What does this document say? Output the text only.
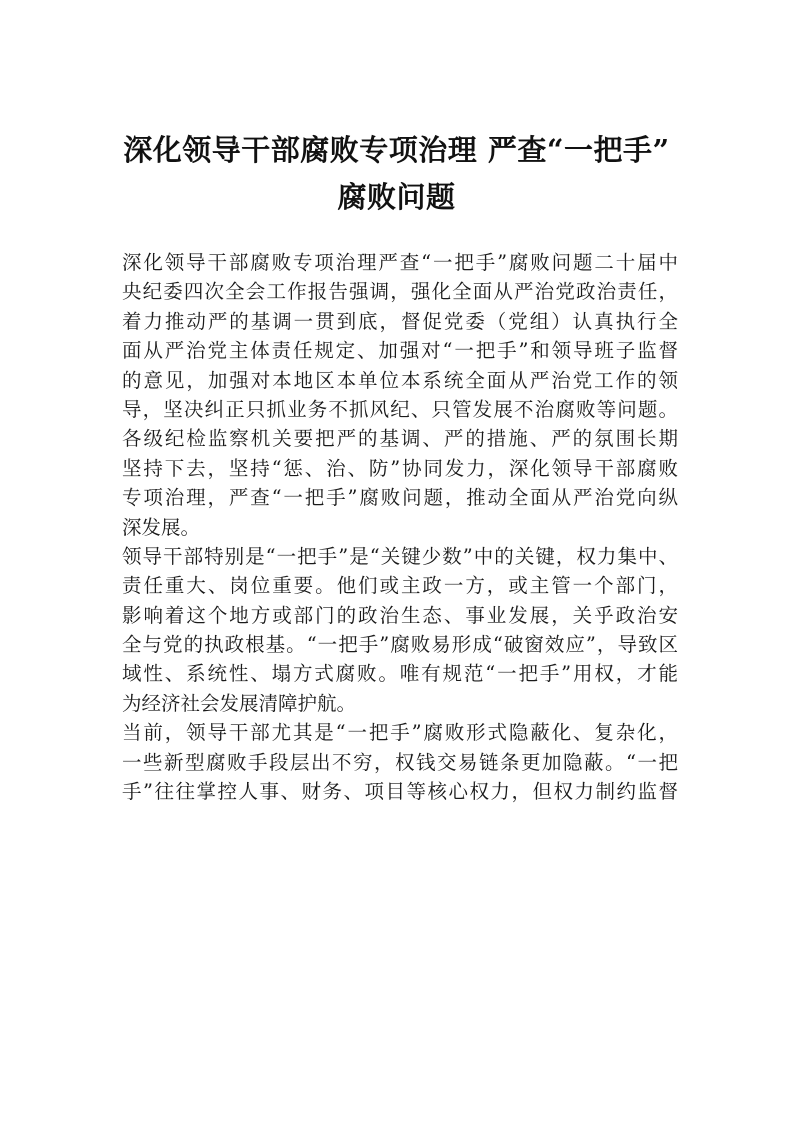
深化领导干部腐败专项治理 严查“一把手”
腐败问题
深化领导干部腐败专项治理严查“一把手”腐败问题二十届中
央纪委四次全会工作报告强调，强化全面从严治党政治责任，
着力推动严的基调一贯到底，督促党委（党组）认真执行全
面从严治党主体责任规定、加强对“一把手”和领导班子监督
的意见，加强对本地区本单位本系统全面从严治党工作的领
导，坚决纠正只抓业务不抓风纪、只管发展不治腐败等问题。
各级纪检监察机关要把严的基调、严的措施、严的氛围长期
坚持下去，坚持“惩、治、防”协同发力，深化领导干部腐败
专项治理，严查“一把手”腐败问题，推动全面从严治党向纵
深发展。
领导干部特别是“一把手”是“关键少数”中的关键，权力集中、
责任重大、岗位重要。他们或主政一方，或主管一个部门，
影响着这个地方或部门的政治生态、事业发展，关乎政治安
全与党的执政根基。“一把手”腐败易形成“破窗效应”，导致区
域性、系统性、塌方式腐败。唯有规范“一把手”用权，才能
为经济社会发展清障护航。
当前，领导干部尤其是“一把手”腐败形式隐蔽化、复杂化，
一些新型腐败手段层出不穷，权钱交易链条更加隐蔽。“一把
手”往往掌控人事、财务、项目等核心权力，但权力制约监督
